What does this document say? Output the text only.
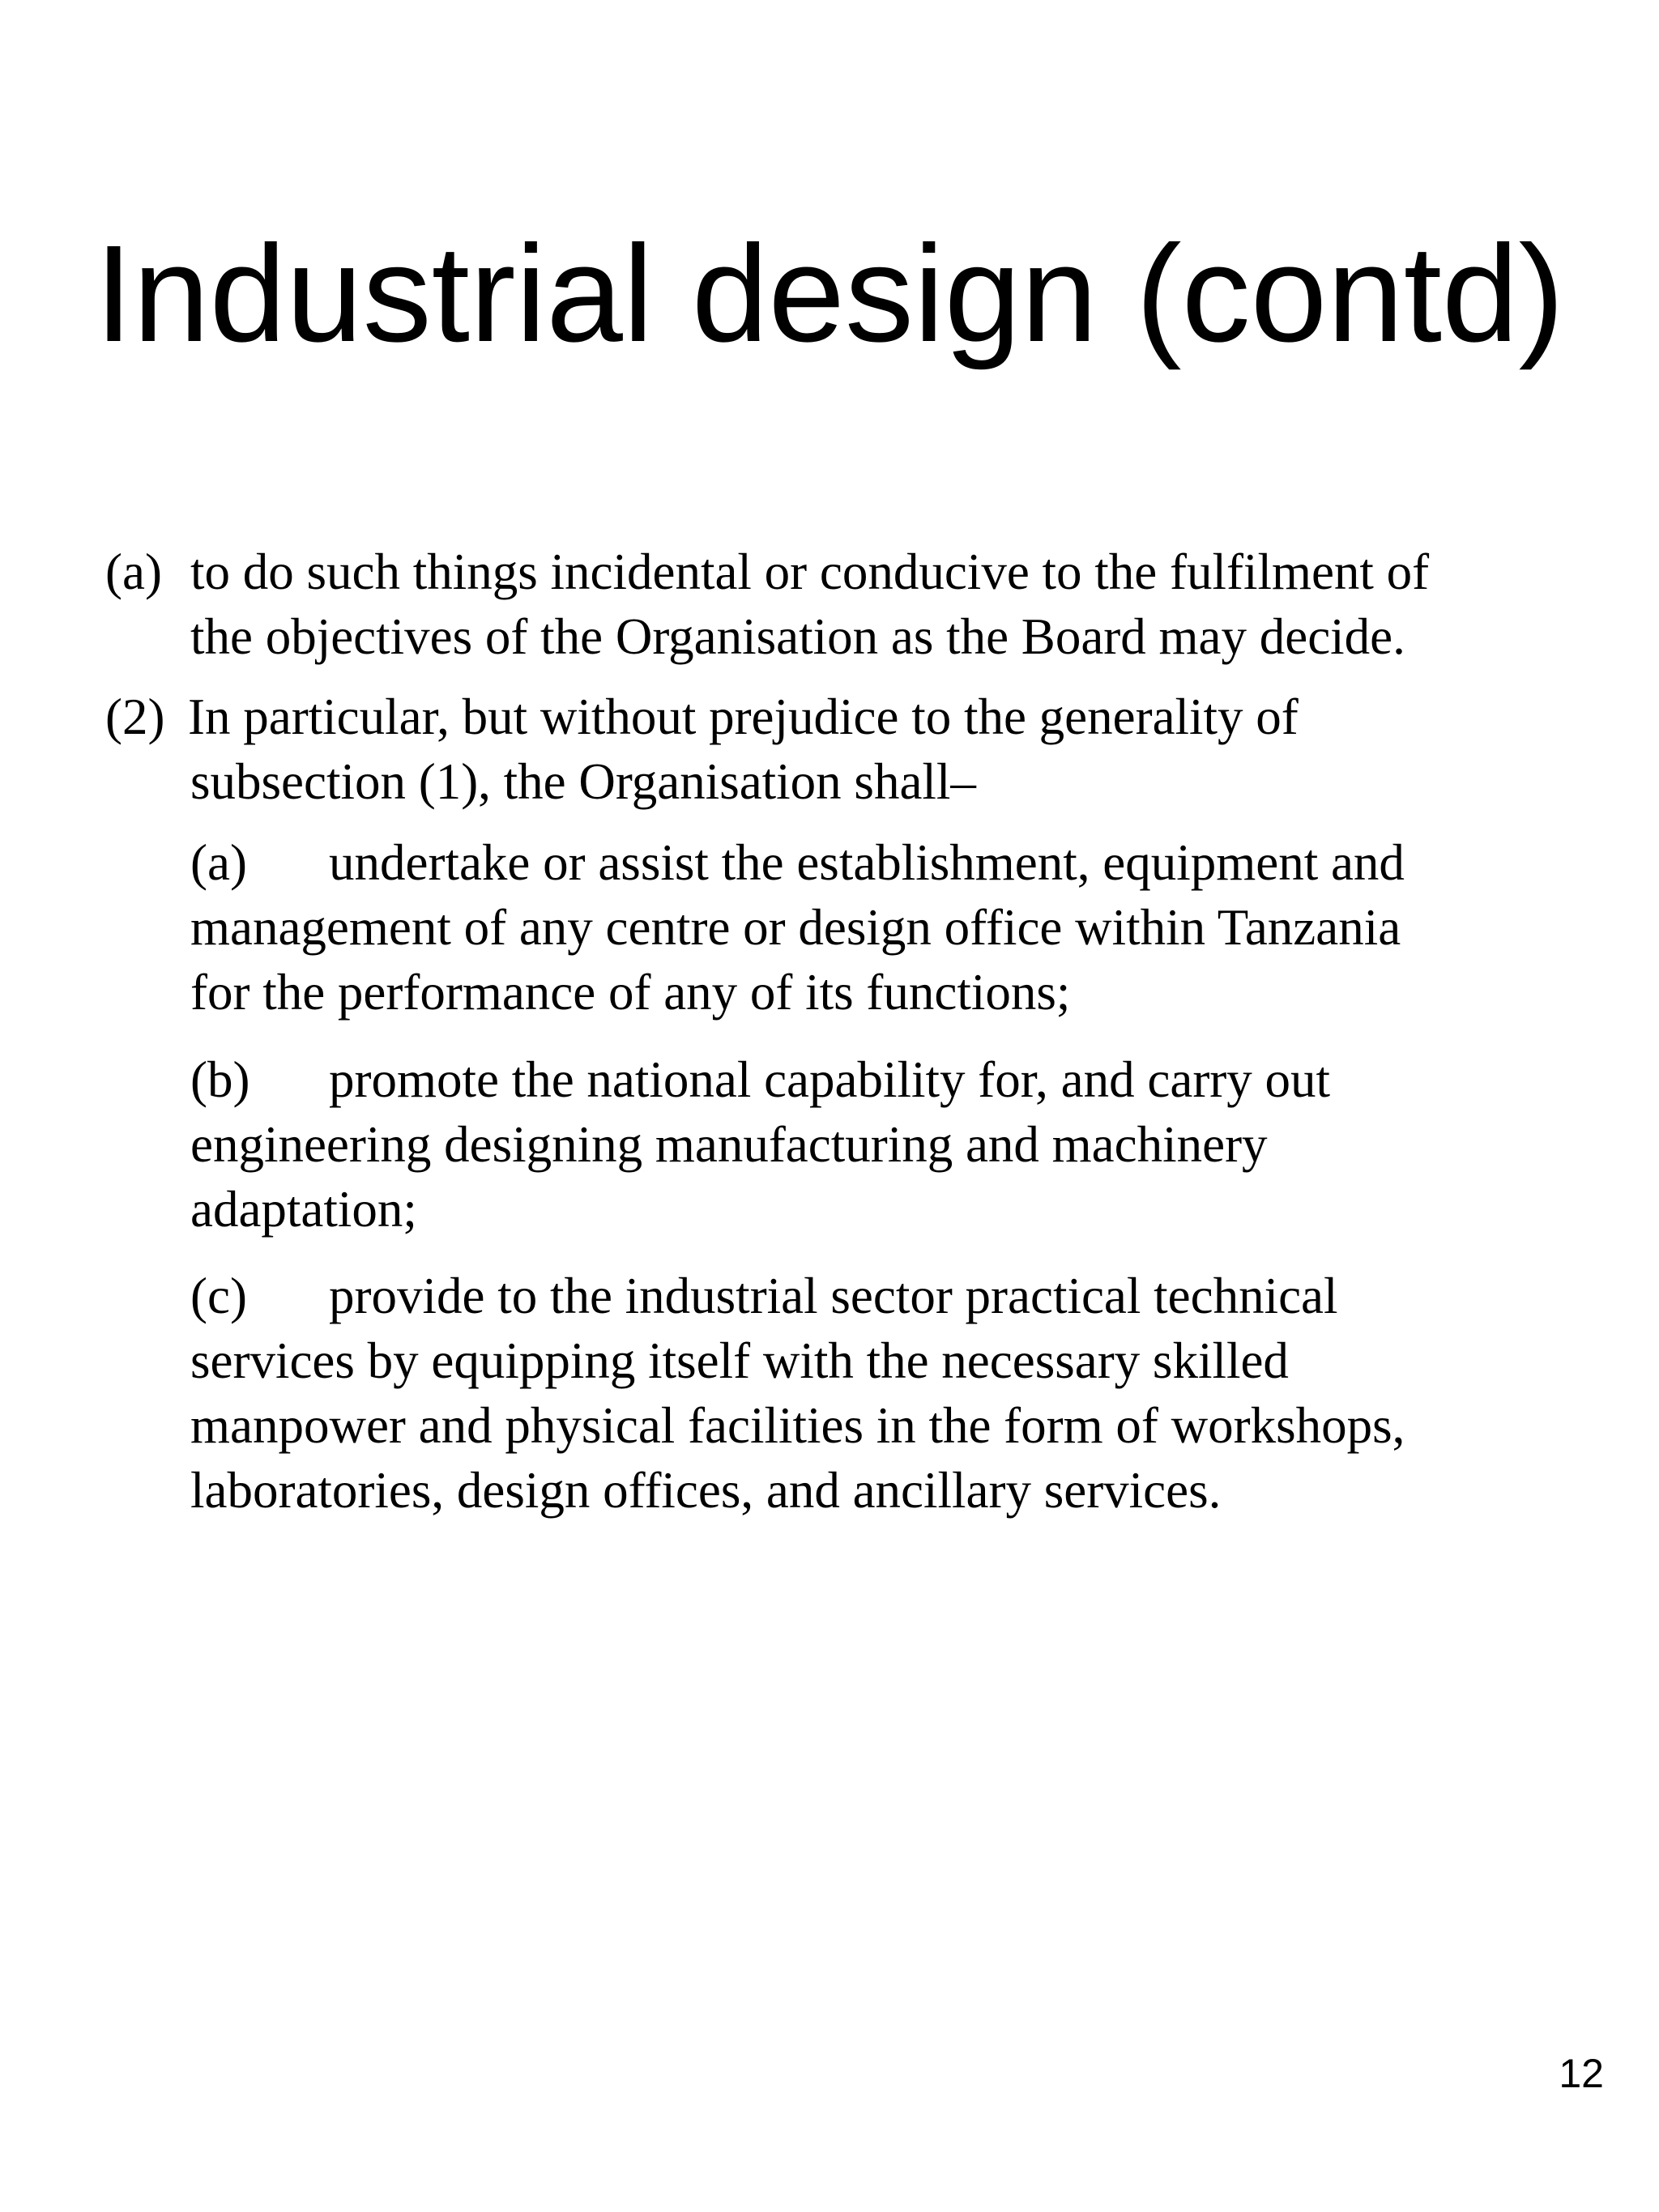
Industrial design (contd)
(a) to do such things incidental or conducive to the fulfilment of
the objectives of the Organisation as the Board may decide.
(2) In particular, but without prejudice to the generality of
subsection (1), the Organisation shall–
(a) undertake or assist the establishment, equipment and
management of any centre or design office within Tanzania
for the performance of any of its functions;
(b) promote the national capability for, and carry out
engineering designing manufacturing and machinery
adaptation;
(c) provide to the industrial sector practical technical
services by equipping itself with the necessary skilled
manpower and physical facilities in the form of workshops,
laboratories, design offices, and ancillary services.
12
